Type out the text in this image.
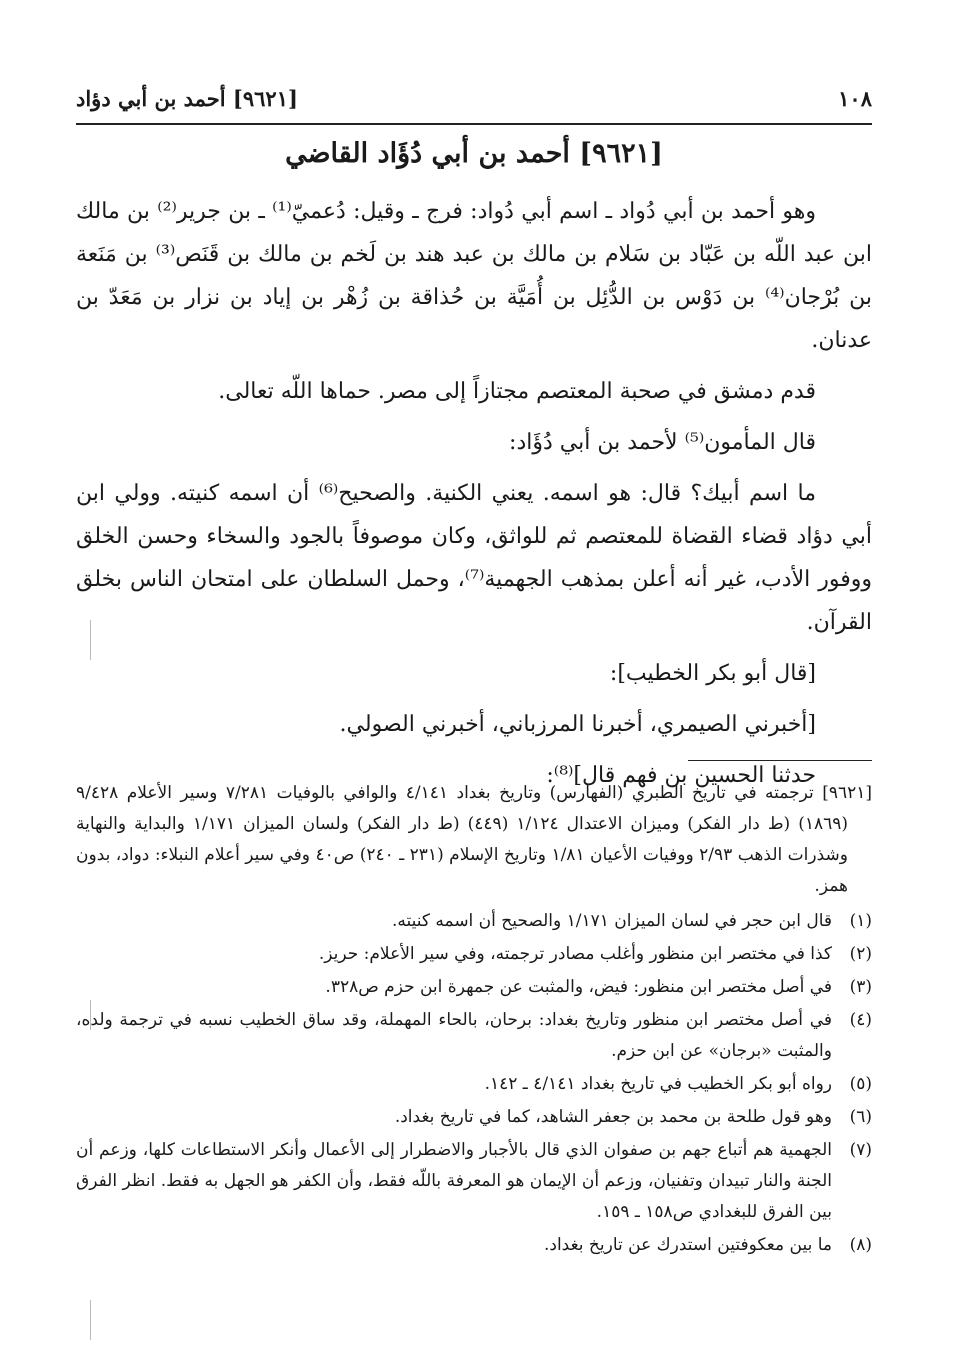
١٠٨
[٩٦٢١] أحمد بن أبي دؤاد
[٩٦٢١] أحمد بن أبي دُؤَاد القاضي

وهو أحمد بن أبي دُواد ـ اسم أبي دُواد: فرج ـ وقيل: دُعميّ⁽¹⁾ ـ بن جرير⁽²⁾ بن مالك ابن عبد اللّه بن عَبّاد بن سَلام بن مالك بن عبد هند بن لَخم بن مالك بن قَنَص⁽³⁾ بن مَنَعة بن بُرْجان⁽⁴⁾ بن دَوْس بن الدُّئِل بن أُمَيَّة بن حُذاقة بن زُهْر بن إياد بن نزار بن مَعَدّ بن عدنان.

قدم دمشق في صحبة المعتصم مجتازاً إلى مصر. حماها اللّه تعالى.

قال المأمون⁽⁵⁾ لأحمد بن أبي دُؤَاد:

ما اسم أبيك؟ قال: هو اسمه. يعني الكنية. والصحيح⁽⁶⁾ أن اسمه كنيته. وولي ابن أبي دؤاد قضاء القضاة للمعتصم ثم للواثق، وكان موصوفاً بالجود والسخاء وحسن الخلق ووفور الأدب، غير أنه أعلن بمذهب الجهمية⁽⁷⁾، وحمل السلطان على امتحان الناس بخلق القرآن.

[قال أبو بكر الخطيب]:

[أخبرني الصيمري، أخبرنا المرزباني، أخبرني الصولي.

حدثنا الحسين بن فهم قال]⁽⁸⁾:

[٩٦٢١] ترجمته في تاريخ الطبري (الفهارس) وتاريخ بغداد ٤/١٤١ والوافي بالوفيات ٧/٢٨١ وسير الأعلام ٩/٤٢٨ (١٨٦٩) (ط دار الفكر) وميزان الاعتدال ١/١٢٤ (٤٤٩) (ط دار الفكر) ولسان الميزان ١/١٧١ والبداية والنهاية وشذرات الذهب ٢/٩٣ ووفيات الأعيان ١/٨١ وتاريخ الإسلام (٢٣١ ـ ٢٤٠) ص٤٠ وفي سير أعلام النبلاء: دواد، بدون همز.

(١)
قال ابن حجر في لسان الميزان ١/١٧١ والصحيح أن اسمه كنيته.
(٢)
كذا في مختصر ابن منظور وأغلب مصادر ترجمته، وفي سير الأعلام: حريز.
(٣)
في أصل مختصر ابن منظور: فيض، والمثبت عن جمهرة ابن حزم ص٣٢٨.
(٤)
في أصل مختصر ابن منظور وتاريخ بغداد: برحان، بالحاء المهملة، وقد ساق الخطيب نسبه في ترجمة ولده، والمثبت «برجان» عن ابن حزم.
(٥)
رواه أبو بكر الخطيب في تاريخ بغداد ٤/١٤١ ـ ١٤٢.
(٦)
وهو قول طلحة بن محمد بن جعفر الشاهد، كما في تاريخ بغداد.
(٧)
الجهمية هم أتباع جهم بن صفوان الذي قال بالأجبار والاضطرار إلى الأعمال وأنكر الاستطاعات كلها، وزعم أن الجنة والنار تبيدان وتفنيان، وزعم أن الإيمان هو المعرفة باللّه فقط، وأن الكفر هو الجهل به فقط. انظر الفرق بين الفرق للبغدادي ص١٥٨ ـ ١٥٩.
(٨)
ما بين معكوفتين استدرك عن تاريخ بغداد.
